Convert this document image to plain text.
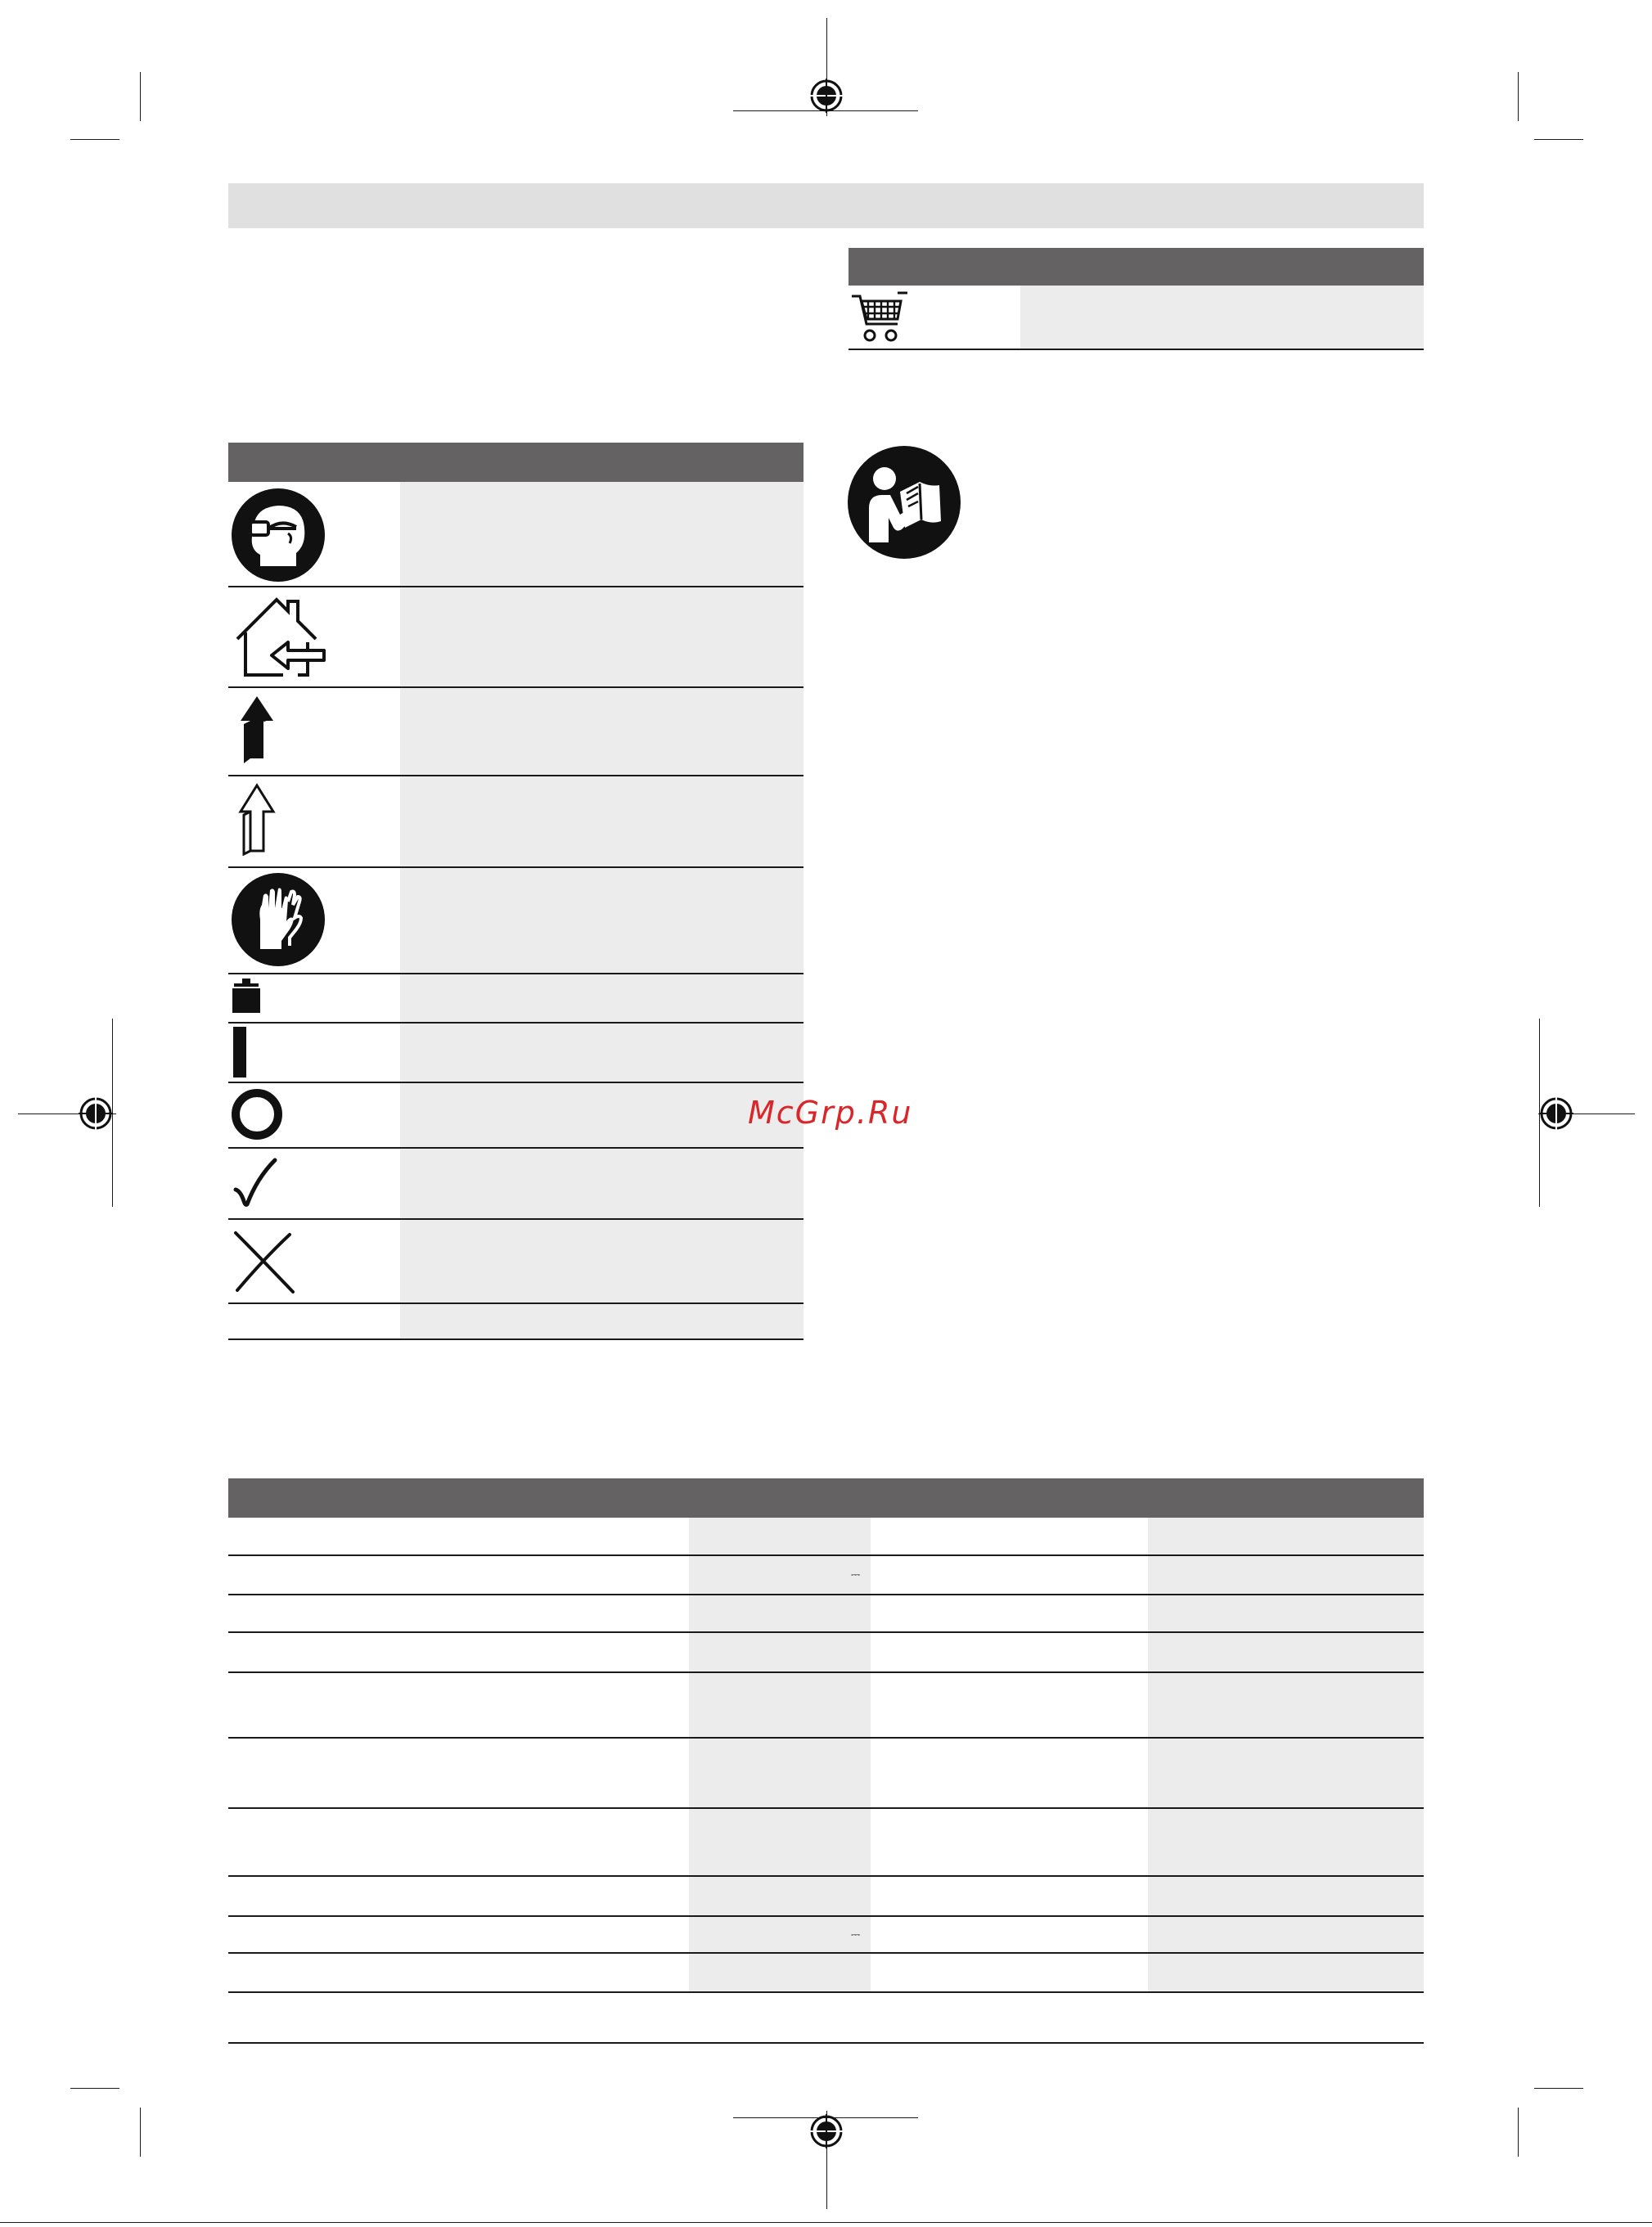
McGrp.Ru
⎓
⎓
